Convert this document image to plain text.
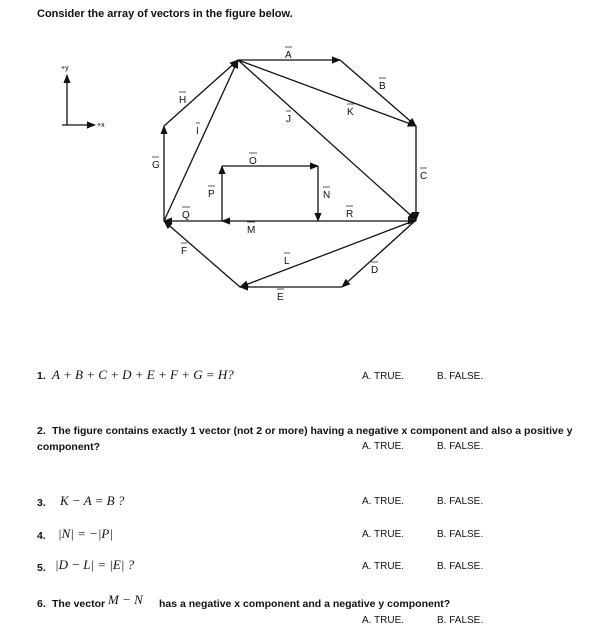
Consider the array of vectors in the figure below.
+y
+x
A
B
C
D
E
F
G
H
I
J
K
L
M
N
O
P
Q	R
1. A + B + C + D + E + F + G = H?	A. TRUE.	B. FALSE.
2. The figure contains exactly 1 vector (not 2 or more) having a negative x component and also a positive y
component?	A. TRUE.	B. FALSE.
3. K − A = B ?	A. TRUE.	B. FALSE.
4. |N| = −|P|	A. TRUE.	B. FALSE.
5. |D − L| = |E| ?	A. TRUE.	B. FALSE.
6. The vector M − N has a negative x component and a negative y component?
A. TRUE.	B. FALSE.
